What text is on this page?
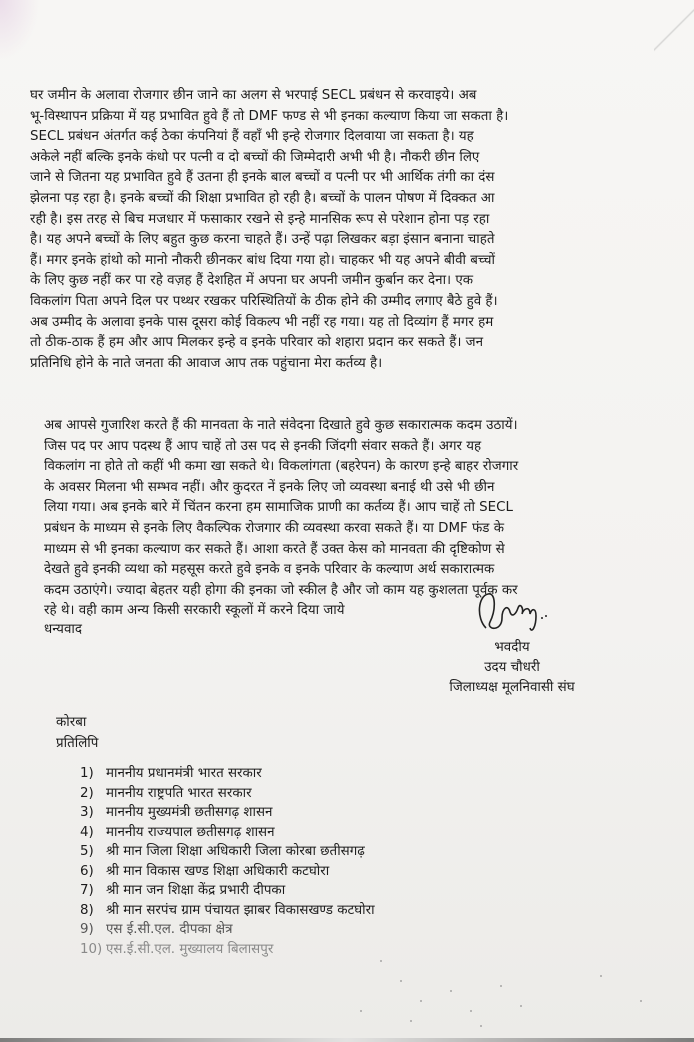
घर जमीन के अलावा रोजगार छीन जाने का अलग से भरपाई SECL प्रबंधन से करवाइये। अब
भू-विस्थापन प्रक्रिया में यह प्रभावित हुवे हैं तो DMF फण्ड से भी इनका कल्याण किया जा सकता है।
SECL प्रबंधन अंतर्गत कई ठेका कंपनियां हैं वहाँ भी इन्हे रोजगार दिलवाया जा सकता है। यह
अकेले नहीं बल्कि इनके कंधो पर पत्नी व दो बच्चों की जिम्मेदारी अभी भी है। नौकरी छीन लिए
जाने से जितना यह प्रभावित हुवे हैं उतना ही इनके बाल बच्चों व पत्नी पर भी आर्थिक तंगी का दंस
झेलना पड़ रहा है। इनके बच्चों की शिक्षा प्रभावित हो रही है। बच्चों के पालन पोषण में दिक्कत आ
रही है। इस तरह से बिच मजधार में फसाकार रखने से इन्हे मानसिक रूप से परेशान होना पड़ रहा
है। यह अपने बच्चों के लिए बहुत कुछ करना चाहते हैं। उन्हें पढ़ा लिखकर बड़ा इंसान बनाना चाहते
हैं। मगर इनके हांथो को मानो नौकरी छीनकर बांध दिया गया हो। चाहकर भी यह अपने बीवी बच्चों
के लिए कुछ नहीं कर पा रहे वज़ह हैं देशहित में अपना घर अपनी जमीन कुर्बान कर देना। एक
विकलांग पिता अपने दिल पर पथ्थर रखकर परिस्थितियों के ठीक होने की उम्मीद लगाए बैठे हुवे हैं।
अब उम्मीद के अलावा इनके पास दूसरा कोई विकल्प भी नहीं रह गया। यह तो दिव्यांग हैं मगर हम
तो ठीक-ठाक हैं हम और आप मिलकर इन्हे व इनके परिवार को शहारा प्रदान कर सकते हैं। जन
प्रतिनिधि होने के नाते जनता की आवाज आप तक पहुंचाना मेरा कर्तव्य है।
अब आपसे गुजारिश करते हैं की मानवता के नाते संवेदना दिखाते हुवे कुछ सकारात्मक कदम उठायें।
जिस पद पर आप पदस्थ हैं आप चाहें तो उस पद से इनकी जिंदगी संवार सकते हैं। अगर यह
विकलांग ना होते तो कहीं भी कमा खा सकते थे। विकलांगता (बहरेपन) के कारण इन्हे बाहर रोजगार
के अवसर मिलना भी सम्भव नहीं। और कुदरत नें इनके लिए जो व्यवस्था बनाई थी उसे भी छीन
लिया गया। अब इनके बारे में चिंतन करना हम सामाजिक प्राणी का कर्तव्य हैं। आप चाहें तो SECL
प्रबंधन के माध्यम से इनके लिए वैकल्पिक रोजगार की व्यवस्था करवा सकते हैं। या DMF फंड के
माध्यम से भी इनका कल्याण कर सकते हैं। आशा करते हैं उक्त केस को मानवता की दृष्टिकोण से
देखते हुवे इनकी व्यथा को महसूस करते हुवे इनके व इनके परिवार के कल्याण अर्थ सकारात्मक
कदम उठाएंगे। ज्यादा बेहतर यही होगा की इनका जो स्कील है और जो काम यह कुशलता पूर्वक कर
रहे थे। वही काम अन्य किसी सरकारी स्कूलों में करने दिया जाये
धन्यवाद
भवदीय
उदय चौधरी
जिलाध्यक्ष मूलनिवासी संघ
कोरबा
प्रतिलिपि
1) माननीय प्रधानमंत्री भारत सरकार
2) माननीय राष्ट्रपति भारत सरकार
3) माननीय मुख्यमंत्री छतीसगढ़ शासन
4) माननीय राज्यपाल छतीसगढ़ शासन
5) श्री मान जिला शिक्षा अधिकारी जिला कोरबा छतीसगढ़
6) श्री मान विकास खण्ड शिक्षा अधिकारी कटघोरा
7) श्री मान जन शिक्षा केंद्र प्रभारी दीपका
8) श्री मान सरपंच ग्राम पंचायत झाबर विकासखण्ड कटघोरा
9) एस ई.सी.एल. दीपका क्षेत्र
10) एस.ई.सी.एल. मुख्यालय बिलासपुर
